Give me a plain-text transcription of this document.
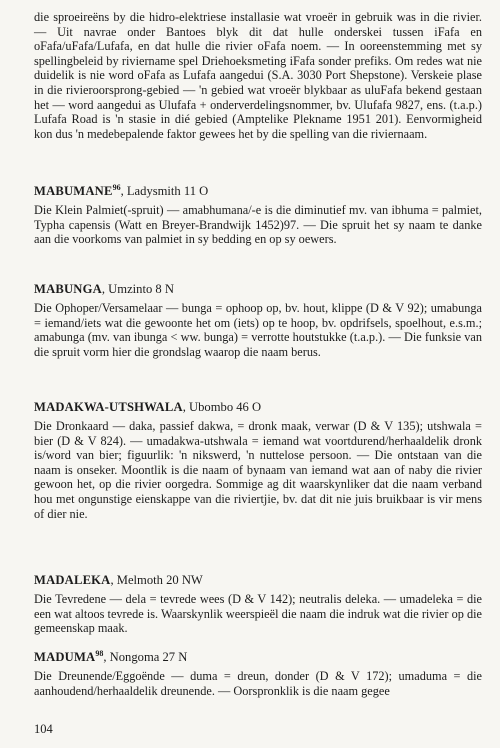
die sproeireëns by die hidro-elektriese installasie wat vroeër in gebruik was in die rivier. — Uit navrae onder Bantoes blyk dit dat hulle onderskei tussen iFafa en oFafa/uFafa/Lufafa, en dat hulle die rivier oFafa noem. — In ooreenstemming met sy spellingbeleid by riviername spel Driehoeksmeting iFafa sonder prefiks. Om redes wat nie duidelik is nie word oFafa as Lufafa aangedui (S.A. 3030 Port Shepstone). Verskeie plase in die rivieroorsprong-gebied — 'n gebied wat vroeër blykbaar as uluFafa bekend gestaan het — word aangedui as Ulufafa + onderverdelingsnommer, bv. Ulufafa 9827, ens. (t.a.p.) Lufafa Road is 'n stasie in dié gebied (Amptelike Plekname 1951 201). Eenvormigheid kon dus 'n medebepalende faktor gewees het by die spelling van die riviernaam.

MABUMANE$^{96}$, Ladysmith 11 O

Die Klein Palmiet(-spruit) — amabhumana/-e is die diminutief mv. van ibhuma = palmiet, Typha capensis (Watt en Breyer-Brandwijk 1452)97. — Die spruit het sy naam te danke aan die voorkoms van palmiet in sy bedding en op sy oewers.

MABUNGA, Umzinto 8 N

Die Ophoper/Versamelaar — bunga = ophoop op, bv. hout, klippe (D & V 92); umabunga = iemand/iets wat die gewoonte het om (iets) op te hoop, bv. opdrifsels, spoelhout, e.s.m.; amabunga (mv. van ibunga < ww. bunga) = verrotte houtstukke (t.a.p.). — Die funksie van die spruit vorm hier die grondslag waarop die naam berus.

MADAKWA-UTSHWALA, Ubombo 46 O

Die Dronkaard — daka, passief dakwa, = dronk maak, verwar (D & V 135); utshwala = bier (D & V 824). — umadakwa-utshwala = iemand wat voortdurend/herhaaldelik dronk is/word van bier; figuurlik: 'n nikswerd, 'n nuttelose persoon. — Die ontstaan van die naam is onseker. Moontlik is die naam of bynaam van iemand wat aan of naby die rivier gewoon het, op die rivier oorgedra. Sommige ag dit waarskynliker dat die naam verband hou met ongunstige eienskappe van die riviertjie, bv. dat dit nie juis bruikbaar is vir mens of dier nie.

MADALEKA, Melmoth 20 NW

Die Tevredene — dela = tevrede wees (D & V 142); neutralis deleka. — umadeleka = die een wat altoos tevrede is. Waarskynlik weerspieël die naam die indruk wat die rivier op die gemeenskap maak.

MADUMA$^{98}$, Nongoma 27 N

Die Dreunende/Eggoënde — duma = dreun, donder (D & V 172); umaduma = die aanhoudend/herhaaldelik dreunende. — Oorspronklik is die naam gegee

104
